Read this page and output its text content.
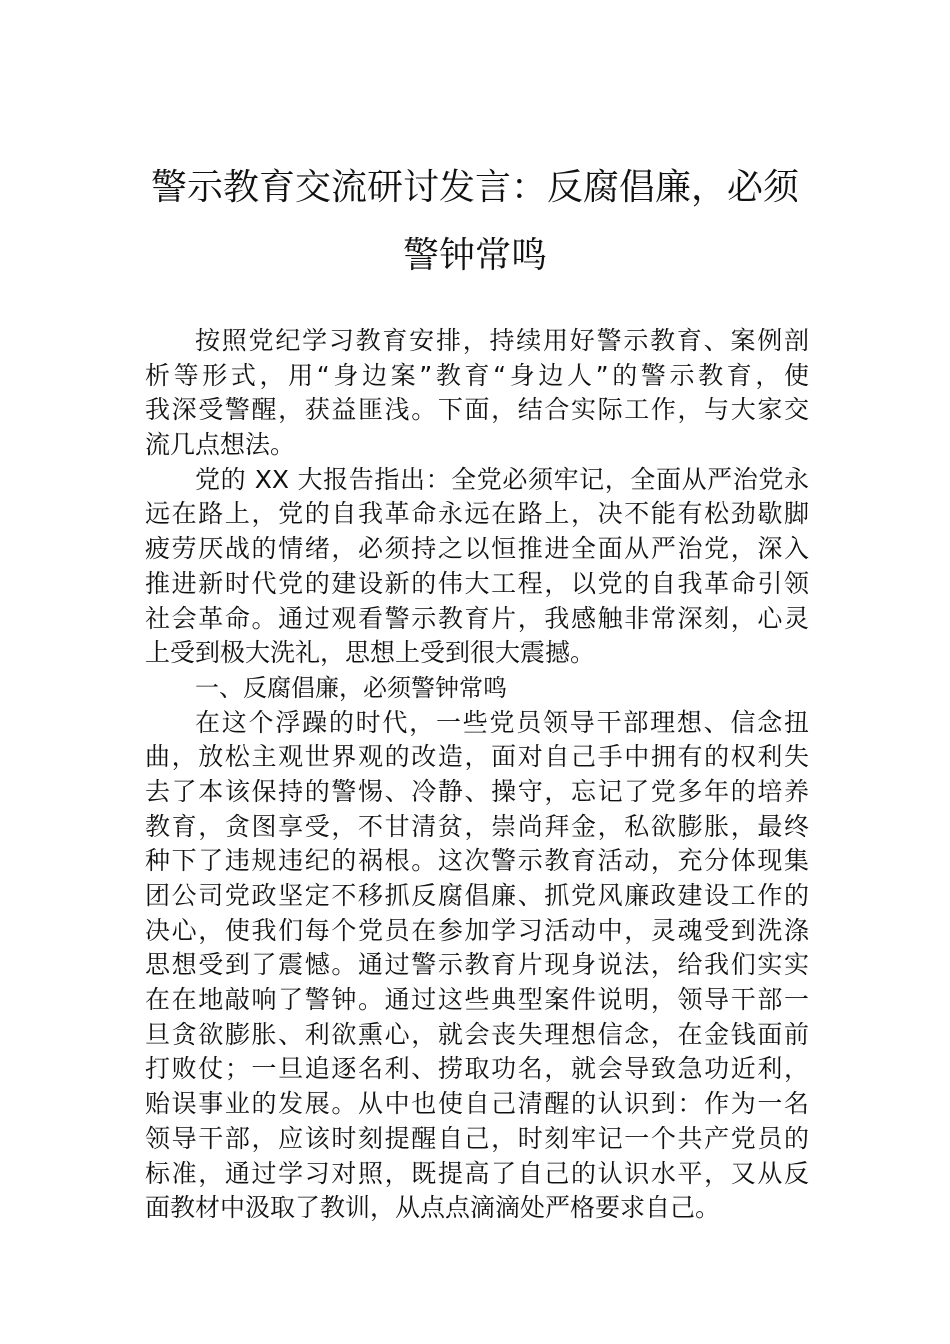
警示教育交流研讨发言：反腐倡廉，必须
警钟常鸣
按照党纪学习教育安排，持续用好警示教育、案例剖
析等形式，用“身边案”教育“身边人”的警示教育，使
我深受警醒，获益匪浅。下面，结合实际工作，与大家交
流几点想法。
党的 XX 大报告指出：全党必须牢记，全面从严治党永
远在路上，党的自我革命永远在路上，决不能有松劲歇脚
疲劳厌战的情绪，必须持之以恒推进全面从严治党，深入
推进新时代党的建设新的伟大工程，以党的自我革命引领
社会革命。通过观看警示教育片，我感触非常深刻，心灵
上受到极大洗礼，思想上受到很大震撼。
一、反腐倡廉，必须警钟常鸣
在这个浮躁的时代，一些党员领导干部理想、信念扭
曲，放松主观世界观的改造，面对自己手中拥有的权利失
去了本该保持的警惕、冷静、操守，忘记了党多年的培养
教育，贪图享受，不甘清贫，崇尚拜金，私欲膨胀，最终
种下了违规违纪的祸根。这次警示教育活动，充分体现集
团公司党政坚定不移抓反腐倡廉、抓党风廉政建设工作的
决心，使我们每个党员在参加学习活动中，灵魂受到洗涤
思想受到了震憾。通过警示教育片现身说法，给我们实实
在在地敲响了警钟。通过这些典型案件说明，领导干部一
旦贪欲膨胀、利欲熏心，就会丧失理想信念，在金钱面前
打败仗；一旦追逐名利、捞取功名，就会导致急功近利，
贻误事业的发展。从中也使自己清醒的认识到：作为一名
领导干部，应该时刻提醒自己，时刻牢记一个共产党员的
标准，通过学习对照，既提高了自己的认识水平，又从反
面教材中汲取了教训，从点点滴滴处严格要求自己。
